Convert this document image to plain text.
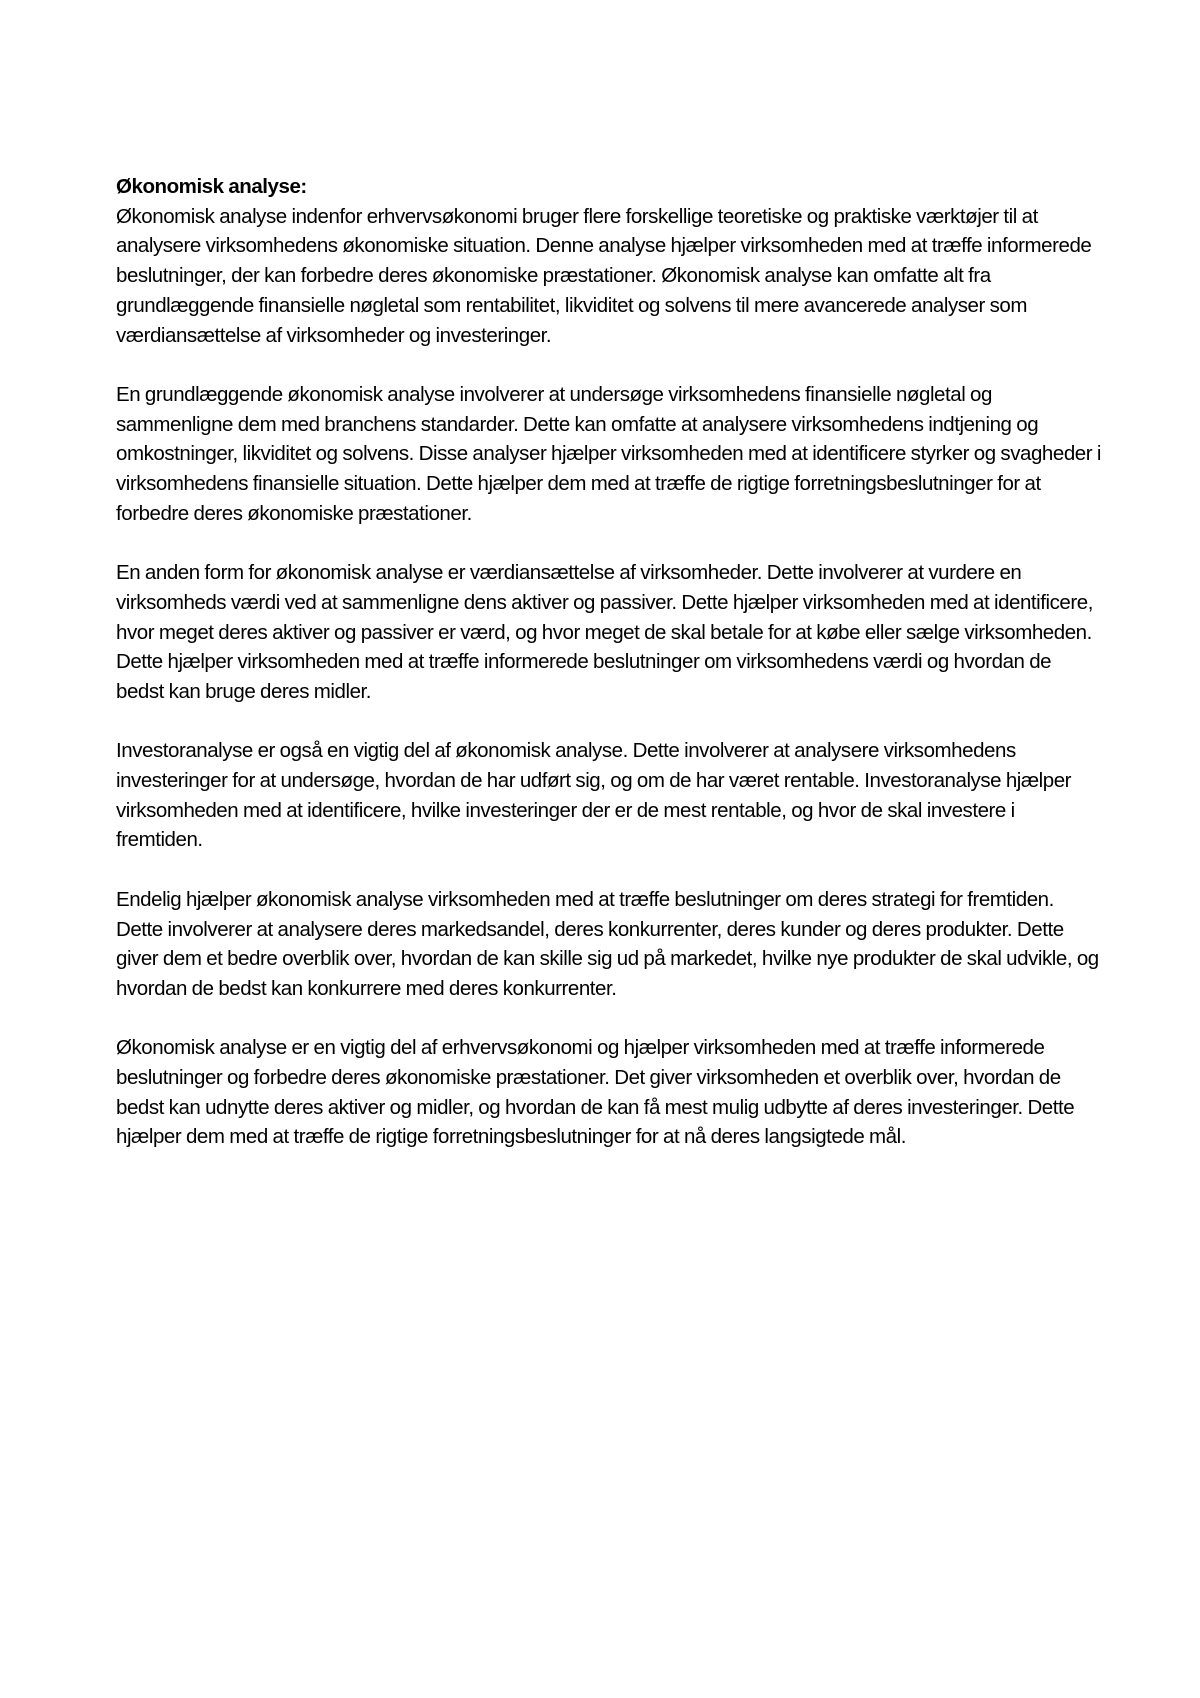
Økonomisk analyse:

Økonomisk analyse indenfor erhvervsøkonomi bruger flere forskellige teoretiske og praktiske værktøjer til at analysere virksomhedens økonomiske situation. Denne analyse hjælper virksomheden med at træffe informerede beslutninger, der kan forbedre deres økonomiske præstationer. Økonomisk analyse kan omfatte alt fra grundlæggende finansielle nøgletal som rentabilitet, likviditet og solvens til mere avancerede analyser som værdiansættelse af virksomheder og investeringer.

En grundlæggende økonomisk analyse involverer at undersøge virksomhedens finansielle nøgletal og sammenligne dem med branchens standarder. Dette kan omfatte at analysere virksomhedens indtjening og omkostninger, likviditet og solvens. Disse analyser hjælper virksomheden med at identificere styrker og svagheder i virksomhedens finansielle situation. Dette hjælper dem med at træffe de rigtige forretningsbeslutninger for at forbedre deres økonomiske præstationer.

En anden form for økonomisk analyse er værdiansættelse af virksomheder. Dette involverer at vurdere en virksomheds værdi ved at sammenligne dens aktiver og passiver. Dette hjælper virksomheden med at identificere, hvor meget deres aktiver og passiver er værd, og hvor meget de skal betale for at købe eller sælge virksomheden. Dette hjælper virksomheden med at træffe informerede beslutninger om virksomhedens værdi og hvordan de bedst kan bruge deres midler.

Investoranalyse er også en vigtig del af økonomisk analyse. Dette involverer at analysere virksomhedens investeringer for at undersøge, hvordan de har udført sig, og om de har været rentable. Investoranalyse hjælper virksomheden med at identificere, hvilke investeringer der er de mest rentable, og hvor de skal investere i fremtiden.

Endelig hjælper økonomisk analyse virksomheden med at træffe beslutninger om deres strategi for fremtiden. Dette involverer at analysere deres markedsandel, deres konkurrenter, deres kunder og deres produkter. Dette giver dem et bedre overblik over, hvordan de kan skille sig ud på markedet, hvilke nye produkter de skal udvikle, og hvordan de bedst kan konkurrere med deres konkurrenter.

Økonomisk analyse er en vigtig del af erhvervsøkonomi og hjælper virksomheden med at træffe informerede beslutninger og forbedre deres økonomiske præstationer. Det giver virksomheden et overblik over, hvordan de bedst kan udnytte deres aktiver og midler, og hvordan de kan få mest mulig udbytte af deres investeringer. Dette hjælper dem med at træffe de rigtige forretningsbeslutninger for at nå deres langsigtede mål.
